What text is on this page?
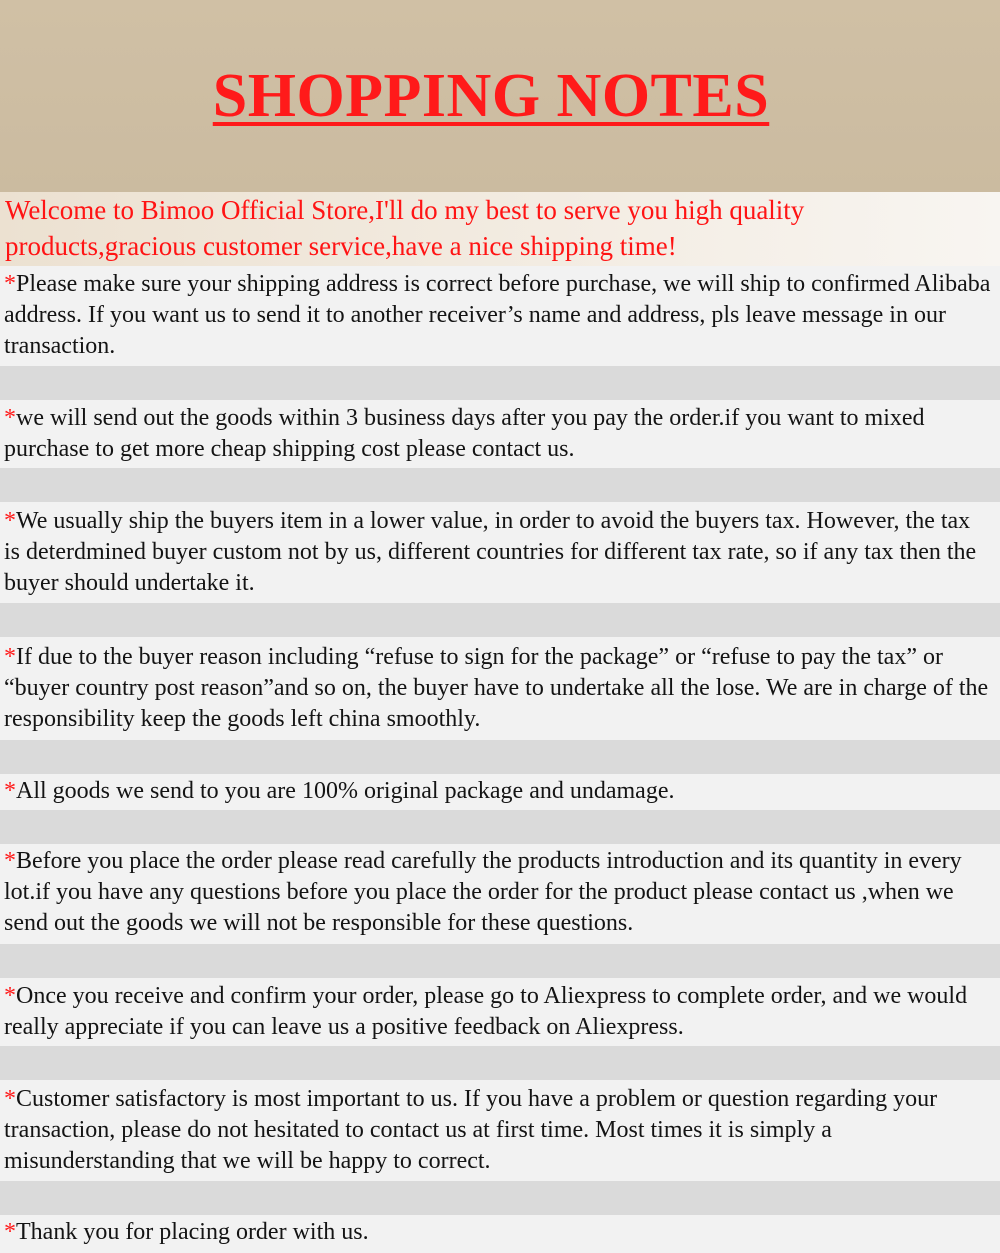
SHOPPING NOTES

Welcome to Bimoo Official Store,I'll do my best to serve you high quality products,gracious customer service,have a nice shipping time!

*Please make sure your shipping address is correct before purchase, we will ship to confirmed Alibaba address. If you want us to send it to another receiver’s name and address, pls leave message in our transaction.

*we will send out the goods within 3 business days after you pay the order.if you want to mixed purchase to get more cheap shipping cost please contact us.

*We usually ship the buyers item in a lower value, in order to avoid the buyers tax. However, the tax is deterdmined buyer custom not by us, different countries for different tax rate, so if any tax then the buyer should undertake it.

*If due to the buyer reason including “refuse to sign for the package” or “refuse to pay the tax” or “buyer country post reason”and so on, the buyer have to undertake all the lose. We are in charge of the responsibility keep the goods left china smoothly.

*All goods we send to you are 100% original package and undamage.

*Before you place the order please read carefully the products introduction and its quantity in every lot.if you have any questions before you place the order for the product please contact us ,when we send out the goods we will not be responsible for these questions.

*Once you receive and confirm your order, please go to Aliexpress to complete order, and we would really appreciate if you can leave us a positive feedback on Aliexpress.

*Customer satisfactory is most important to us. If you have a problem or question regarding your transaction, please do not hesitated to contact us at first time. Most times it is simply a misunderstanding that we will be happy to correct.

*Thank you for placing order with us.
